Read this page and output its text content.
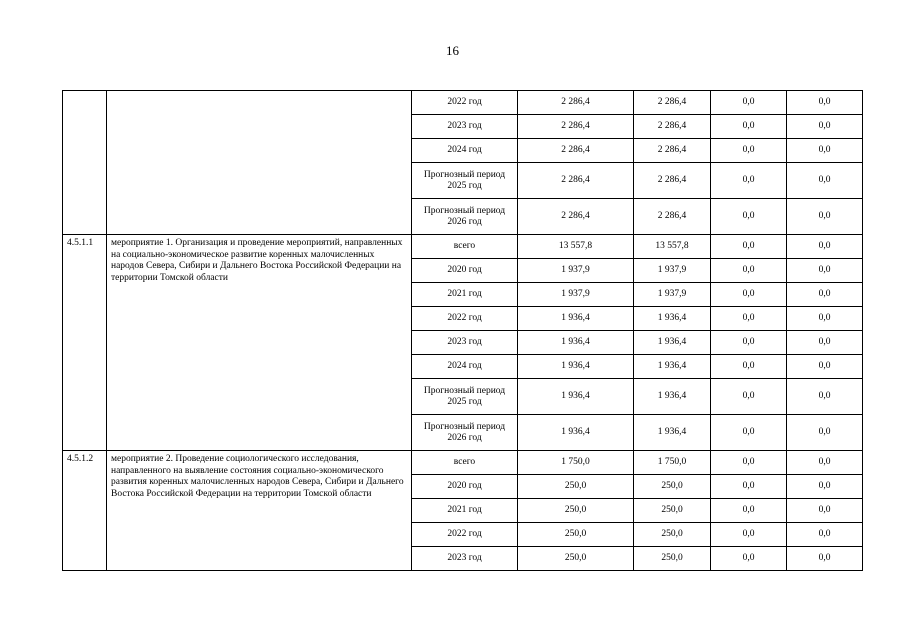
16
		2022 год	2 286,4	2 286,4	0,0	0,0
		2023 год	2 286,4	2 286,4	0,0	0,0
		2024 год	2 286,4	2 286,4	0,0	0,0
		Прогнозный период 2025 год	2 286,4	2 286,4	0,0	0,0
		Прогнозный период 2026 год	2 286,4	2 286,4	0,0	0,0
4.5.1.1	мероприятие 1. Организация и проведение мероприятий, направленных на социально-экономическое развитие коренных малочисленных народов Севера, Сибири и Дальнего Востока Российской Федерации на территории Томской области	всего	13 557,8	13 557,8	0,0	0,0
		2020 год	1 937,9	1 937,9	0,0	0,0
		2021 год	1 937,9	1 937,9	0,0	0,0
		2022 год	1 936,4	1 936,4	0,0	0,0
		2023 год	1 936,4	1 936,4	0,0	0,0
		2024 год	1 936,4	1 936,4	0,0	0,0
		Прогнозный период 2025 год	1 936,4	1 936,4	0,0	0,0
		Прогнозный период 2026 год	1 936,4	1 936,4	0,0	0,0
4.5.1.2	мероприятие 2. Проведение социологического исследования, направленного на выявление состояния социально-экономического развития коренных малочисленных народов Севера, Сибири и Дальнего Востока Российской Федерации на территории Томской области	всего	1 750,0	1 750,0	0,0	0,0
		2020 год	250,0	250,0	0,0	0,0
		2021 год	250,0	250,0	0,0	0,0
		2022 год	250,0	250,0	0,0	0,0
		2023 год	250,0	250,0	0,0	0,0
